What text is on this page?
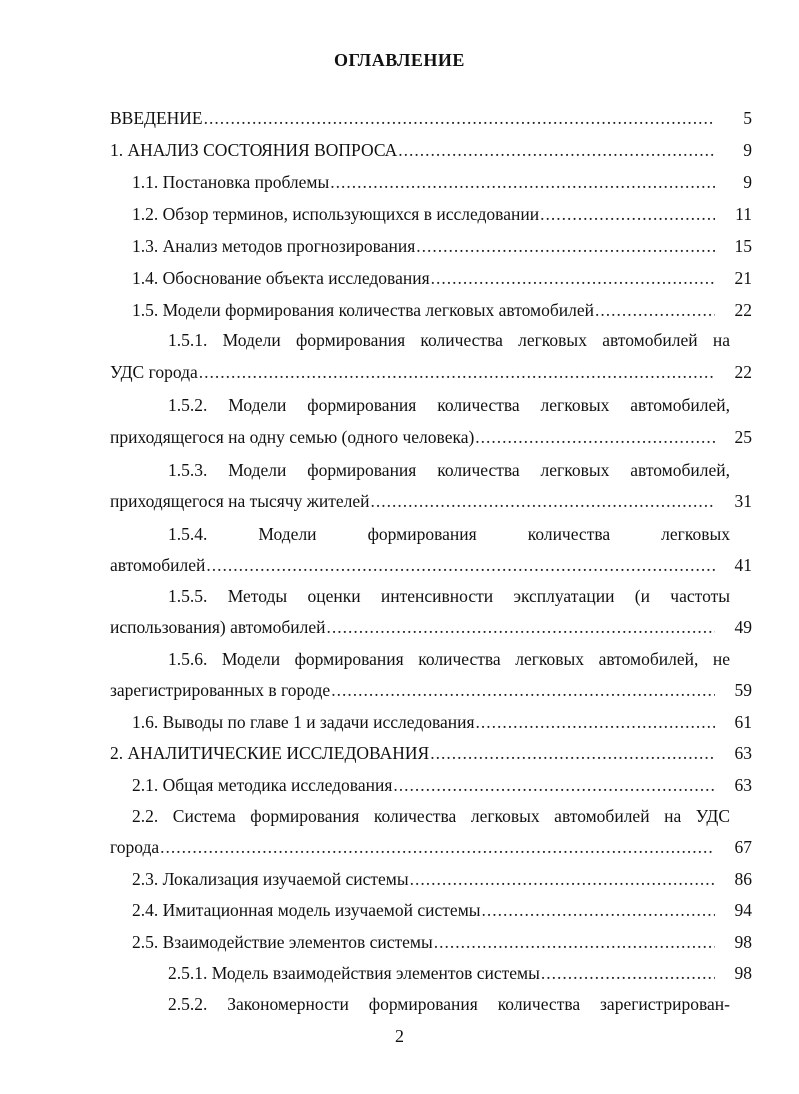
ОГЛАВЛЕНИЕ
ВВЕДЕНИЕ .....	5
1. АНАЛИЗ СОСТОЯНИЯ ВОПРОСА .....	9
1.1. Постановка проблемы .....	9
1.2. Обзор терминов, использующихся в исследовании .....	11
1.3. Анализ методов прогнозирования .....	15
1.4. Обоснование объекта исследования .....	21
1.5. Модели формирования количества легковых автомобилей .....	22
1.5.1. Модели формирования количества легковых автомобилей на
УДС города .....	22
1.5.2. Модели формирования количества легковых автомобилей,
приходящегося на одну семью (одного человека) .....	25
1.5.3. Модели формирования количества легковых автомобилей,
приходящегося на тысячу жителей .....	31
1.5.4. Модели формирования количества легковых
автомобилей .....	41
1.5.5. Методы оценки интенсивности эксплуатации (и частоты
использования) автомобилей .....	49
1.5.6. Модели формирования количества легковых автомобилей, не
зарегистрированных в городе .....	59
1.6. Выводы по главе 1 и задачи исследования .....	61
2. АНАЛИТИЧЕСКИЕ ИССЛЕДОВАНИЯ .....	63
2.1. Общая методика исследования .....	63
2.2. Система формирования количества легковых автомобилей на УДС
города .....	67
2.3. Локализация изучаемой системы .....	86
2.4. Имитационная модель изучаемой системы .....	94
2.5. Взаимодействие элементов системы .....	98
2.5.1. Модель взаимодействия элементов системы .....	98
2.5.2. Закономерности формирования количества зарегистрирован-
2
